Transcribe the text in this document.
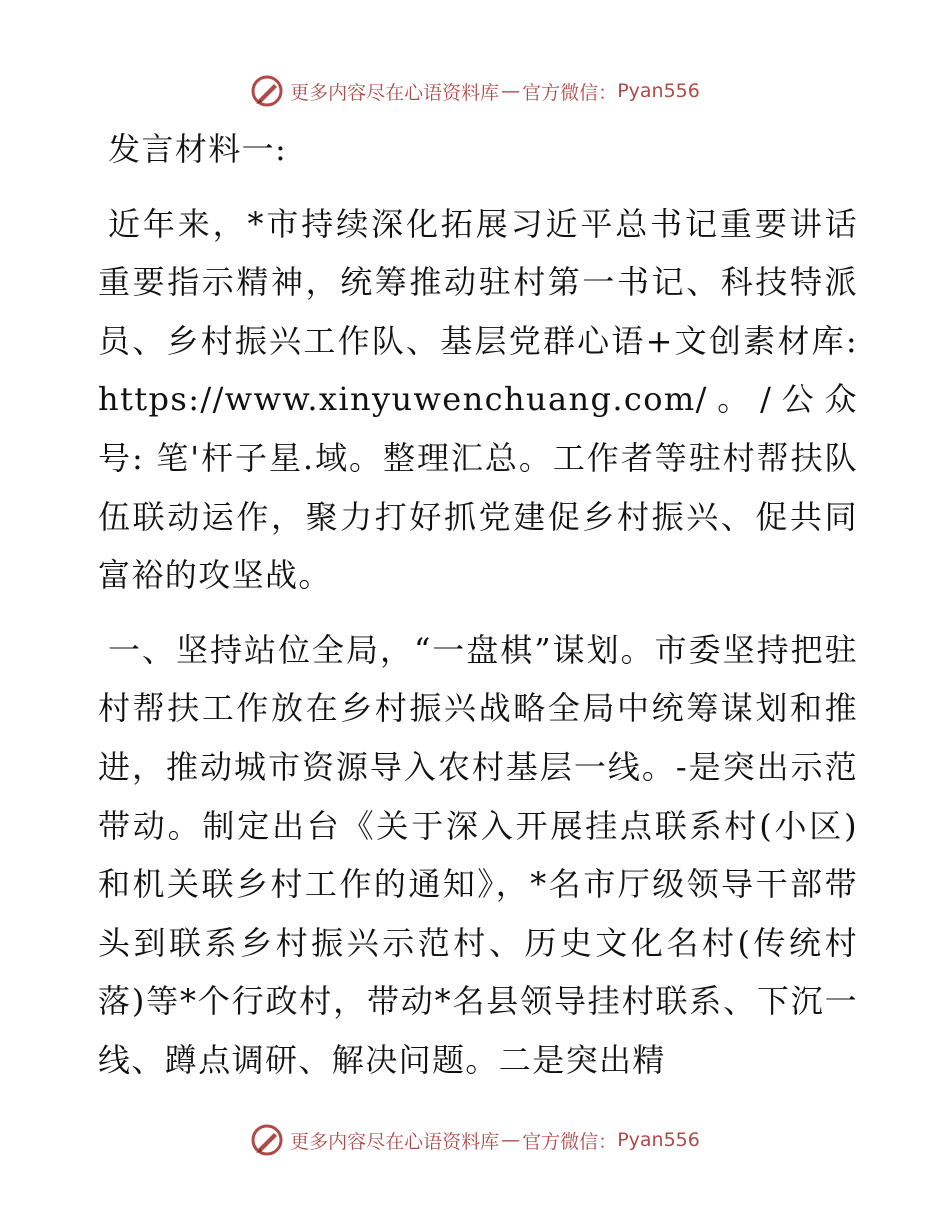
更多内容尽在心语资料库 — 官方微信： Pyan556

发言材料一:

近年来，*市持续深化拓展习近平总书记重要讲话重要指示精神，统筹推动驻村第一书记、科技特派员、乡村振兴工作队、基层党群心语+文创素材库: https://www.xinyuwenchuang.com/。/公众号: 笔'杆子星.域。整理汇总。工作者等驻村帮扶队伍联动运作，聚力打好抓党建促乡村振兴、促共同富裕的攻坚战。

一、坚持站位全局，“一盘棋”谋划。市委坚持把驻村帮扶工作放在乡村振兴战略全局中统筹谋划和推进，推动城市资源导入农村基层一线。-是突出示范带动。制定出台《关于深入开展挂点联系村(小区)和机关联乡村工作的通知》，*名市厅级领导干部带头到联系乡村振兴示范村、历史文化名村(传统村落)等*个行政村，带动*名县领导挂村联系、下沉一线、蹲点调研、解决问题。二是突出精

更多内容尽在心语资料库 — 官方微信： Pyan556
